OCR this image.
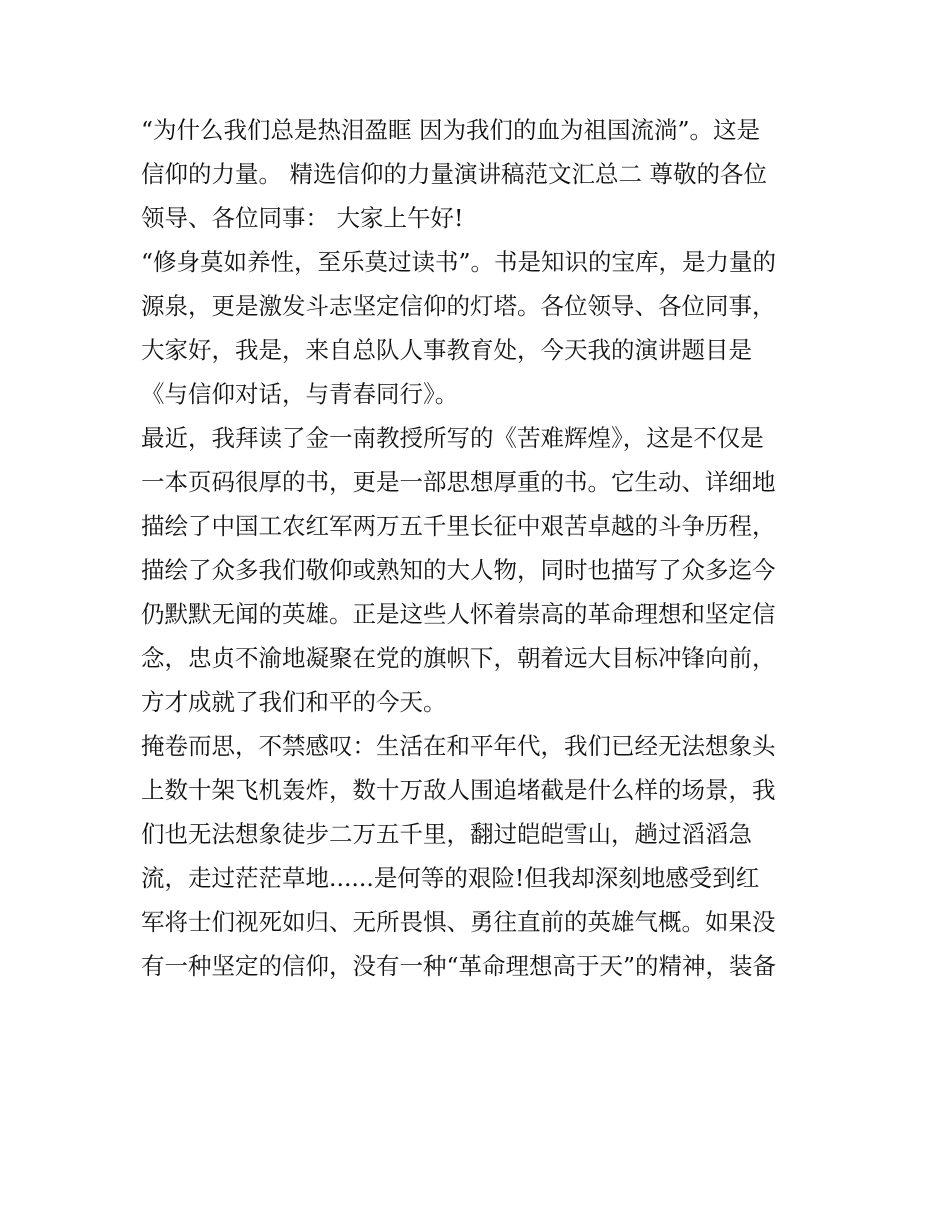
“为什么我们总是热泪盈眶 因为我们的血为祖国流淌”。这是
信仰的力量。 精选信仰的力量演讲稿范文汇总二 尊敬的各位
领导、各位同事： 大家上午好!
“修身莫如养性，至乐莫过读书”。书是知识的宝库，是力量的
源泉，更是激发斗志坚定信仰的灯塔。各位领导、各位同事，
大家好，我是，来自总队人事教育处，今天我的演讲题目是
《与信仰对话，与青春同行》。
最近，我拜读了金一南教授所写的《苦难辉煌》，这是不仅是
一本页码很厚的书，更是一部思想厚重的书。它生动、详细地
描绘了中国工农红军两万五千里长征中艰苦卓越的斗争历程，
描绘了众多我们敬仰或熟知的大人物，同时也描写了众多迄今
仍默默无闻的英雄。正是这些人怀着崇高的革命理想和坚定信
念，忠贞不渝地凝聚在党的旗帜下，朝着远大目标冲锋向前，
方才成就了我们和平的今天。
掩卷而思，不禁感叹：生活在和平年代，我们已经无法想象头
上数十架飞机轰炸，数十万敌人围追堵截是什么样的场景，我
们也无法想象徒步二万五千里，翻过皑皑雪山，趟过滔滔急
流，走过茫茫草地......是何等的艰险!但我却深刻地感受到红
军将士们视死如归、无所畏惧、勇往直前的英雄气概。如果没
有一种坚定的信仰，没有一种“革命理想高于天”的精神，装备
